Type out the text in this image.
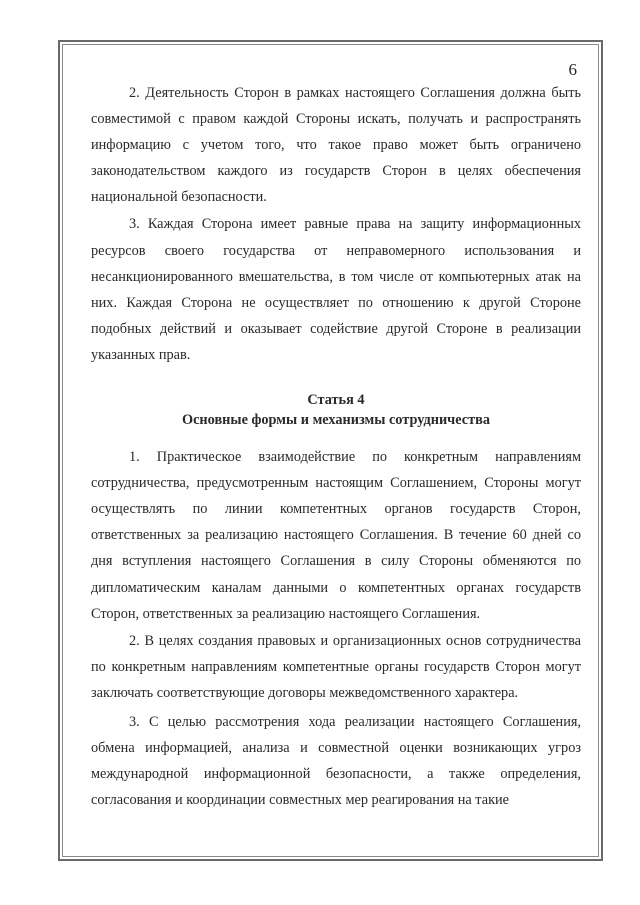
6

2. Деятельность Сторон в рамках настоящего Соглашения должна быть совместимой с правом каждой Стороны искать, получать и распространять информацию с учетом того, что такое право может быть ограничено законодательством каждого из государств Сторон в целях обеспечения национальной безопасности.

3. Каждая Сторона имеет равные права на защиту информационных ресурсов своего государства от неправомерного использования и несанкционированного вмешательства, в том числе от компьютерных атак на них. Каждая Сторона не осуществляет по отношению к другой Стороне подобных действий и оказывает содействие другой Стороне в реализации указанных прав.

Статья 4

Основные формы и механизмы сотрудничества

1. Практическое взаимодействие по конкретным направлениям сотрудничества, предусмотренным настоящим Соглашением, Стороны могут осуществлять по линии компетентных органов государств Сторон, ответственных за реализацию настоящего Соглашения. В течение 60 дней со дня вступления настоящего Соглашения в силу Стороны обменяются по дипломатическим каналам данными о компетентных органах государств Сторон, ответственных за реализацию настоящего Соглашения.

2. В целях создания правовых и организационных основ сотрудничества по конкретным направлениям компетентные органы государств Сторон могут заключать соответствующие договоры межведомственного характера.

3. С целью рассмотрения хода реализации настоящего Соглашения, обмена информацией, анализа и совместной оценки возникающих угроз международной информационной безопасности, а также определения, согласования и координации совместных мер реагирования на такие
